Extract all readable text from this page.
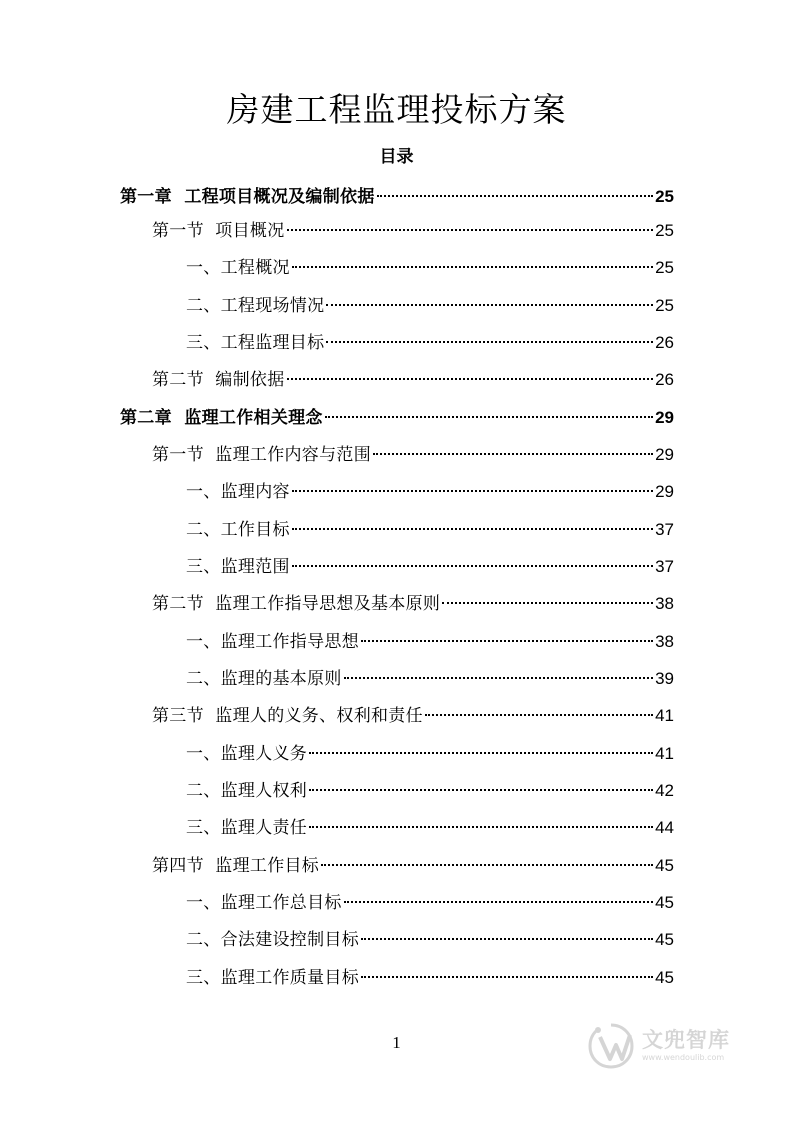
房建工程监理投标方案
目录
第一章  工程项目概况及编制依据	25
第一节  项目概况	25
一、工程概况	25
二、工程现场情况	25
三、工程监理目标	26
第二节  编制依据	26
第二章  监理工作相关理念	29
第一节  监理工作内容与范围	29
一、监理内容	29
二、工作目标	37
三、监理范围	37
第二节  监理工作指导思想及基本原则	38
一、监理工作指导思想	38
二、监理的基本原则	39
第三节  监理人的义务、权利和责任	41
一、监理人义务	41
二、监理人权利	42
三、监理人责任	44
第四节  监理工作目标	45
一、监理工作总目标	45
二、合法建设控制目标	45
三、监理工作质量目标	45
1	文兜智库
www.wendoulib.com
